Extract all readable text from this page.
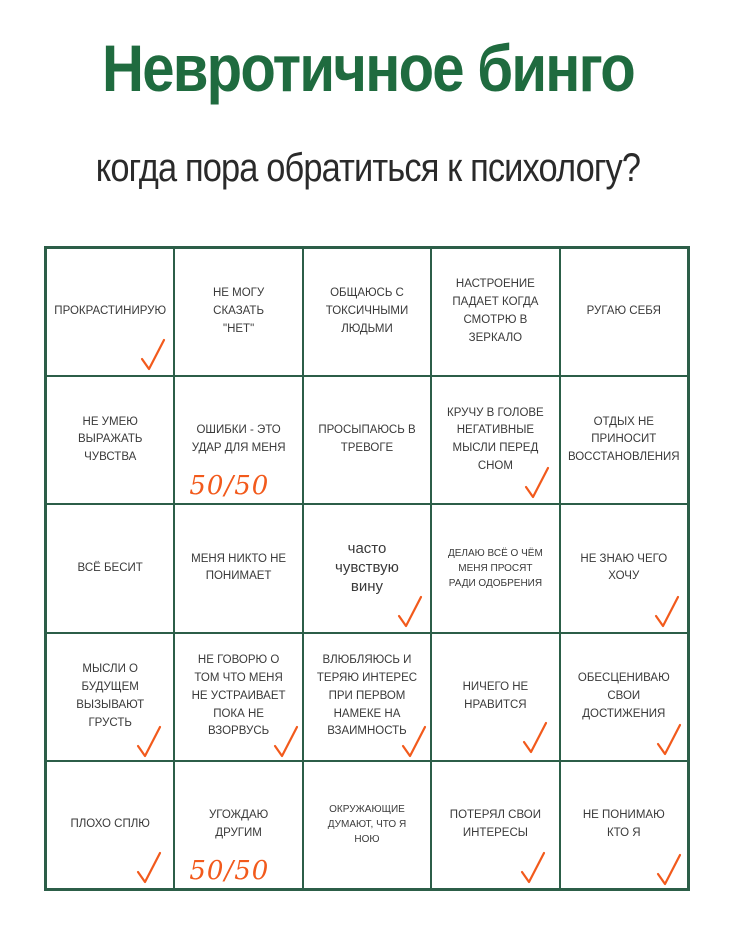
Невротичное бинго
когда пора обратиться к психологу?
ПРОКРАСТИНИРУЮ
НЕ МОГУ
СКАЗАТЬ
"НЕТ"
ОБЩАЮСЬ С
ТОКСИЧНЫМИ
ЛЮДЬМИ
НАСТРОЕНИЕ
ПАДАЕТ КОГДА
СМОТРЮ В
ЗЕРКАЛО
РУГАЮ СЕБЯ
НЕ УМЕЮ
ВЫРАЖАТЬ
ЧУВСТВА
ОШИБКИ - ЭТО
УДАР ДЛЯ МЕНЯ
50/50
ПРОСЫПАЮСЬ В
ТРЕВОГЕ
КРУЧУ В ГОЛОВЕ
НЕГАТИВНЫЕ
МЫСЛИ ПЕРЕД
СНОМ
ОТДЫХ НЕ
ПРИНОСИТ
ВОССТАНОВЛЕНИЯ
ВСЁ БЕСИТ
МЕНЯ НИКТО НЕ
ПОНИМАЕТ
часто
чувствую
вину
ДЕЛАЮ ВСЁ О ЧЁМ
МЕНЯ ПРОСЯТ
РАДИ ОДОБРЕНИЯ
НЕ ЗНАЮ ЧЕГО
ХОЧУ
МЫСЛИ О
БУДУЩЕМ
ВЫЗЫВАЮТ
ГРУСТЬ
НЕ ГОВОРЮ О
ТОМ ЧТО МЕНЯ
НЕ УСТРАИВАЕТ
ПОКА НЕ
ВЗОРВУСЬ
ВЛЮБЛЯЮСЬ И
ТЕРЯЮ ИНТЕРЕС
ПРИ ПЕРВОМ
НАМЕКЕ НА
ВЗАИМНОСТЬ
НИЧЕГО НЕ
НРАВИТСЯ
ОБЕСЦЕНИВАЮ
СВОИ
ДОСТИЖЕНИЯ
ПЛОХО СПЛЮ
УГОЖДАЮ
ДРУГИМ
50/50
ОКРУЖАЮЩИЕ
ДУМАЮТ, ЧТО Я
НОЮ
ПОТЕРЯЛ СВОИ
ИНТЕРЕСЫ
НЕ ПОНИМАЮ
КТО Я
